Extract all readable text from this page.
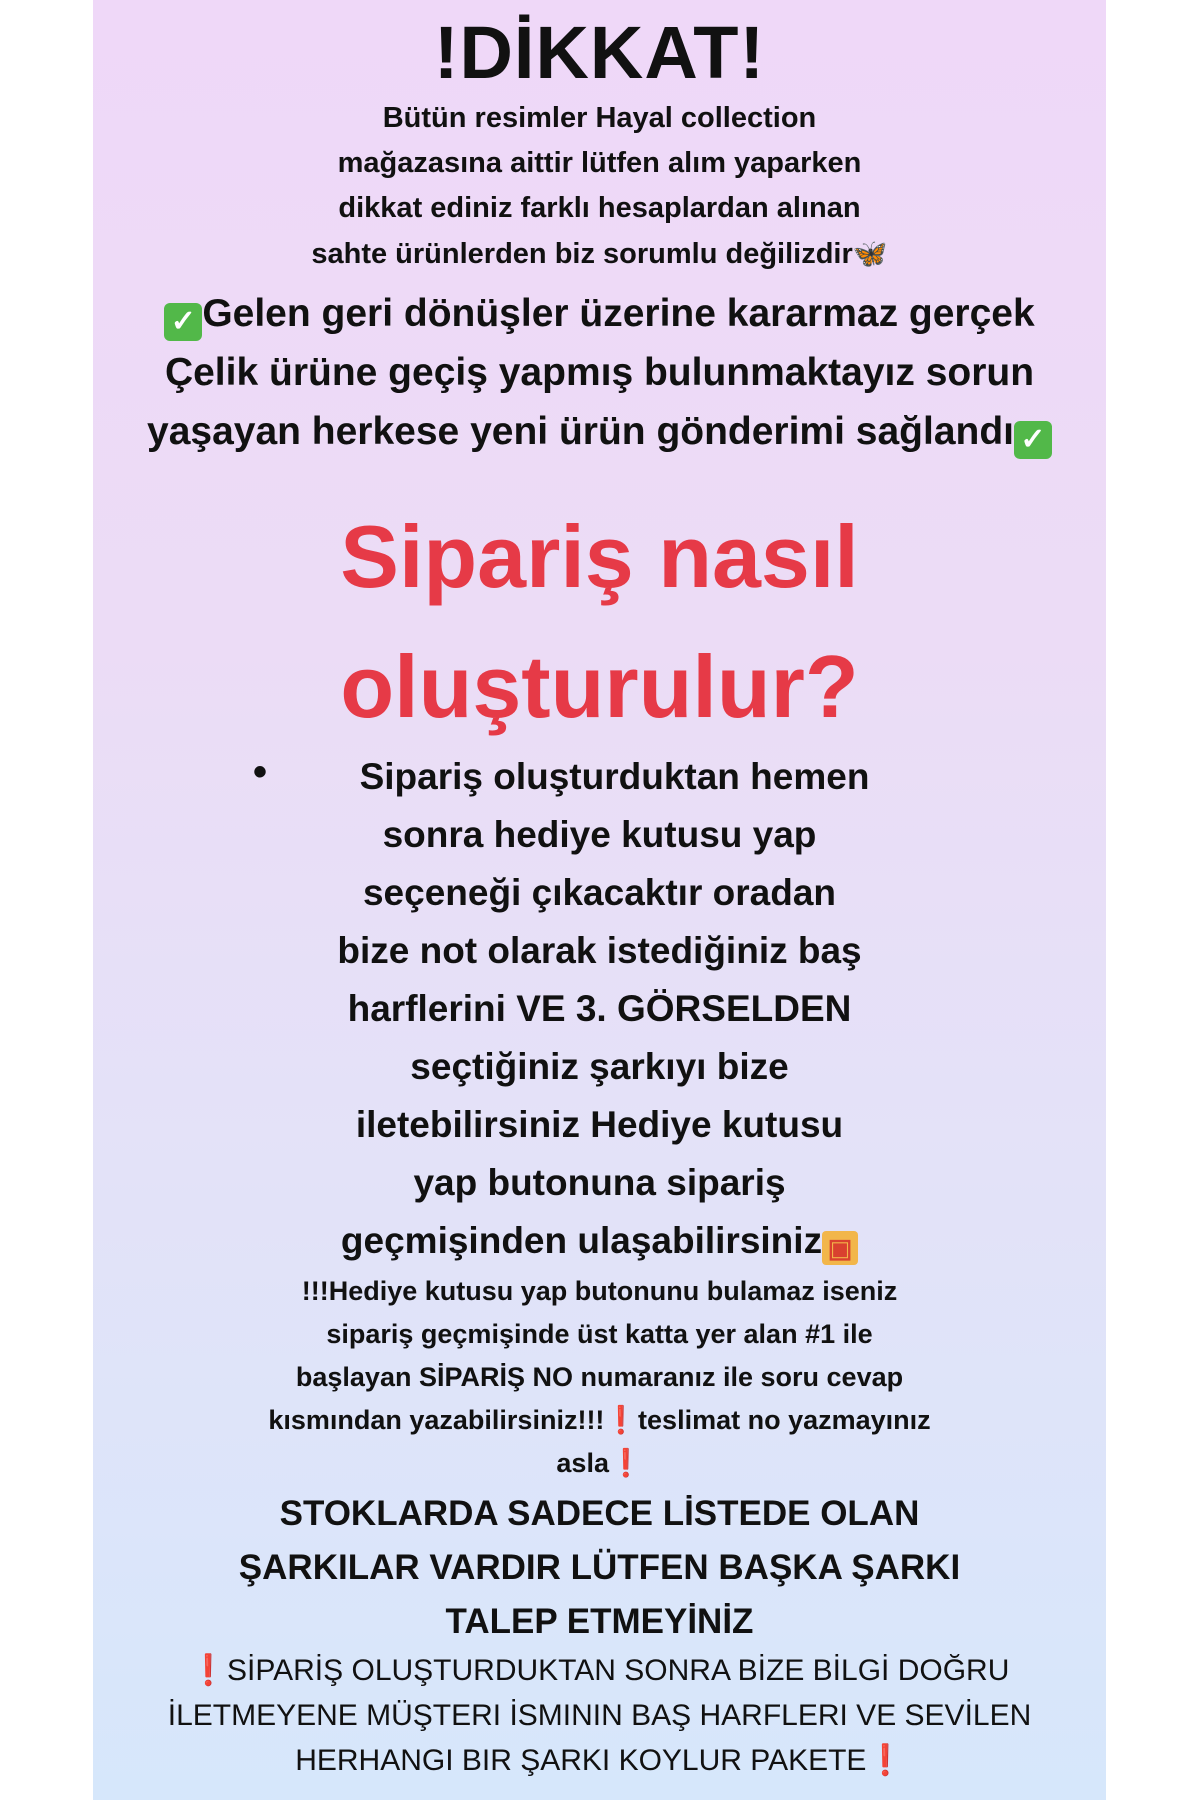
!DİKKAT!
Bütün resimler Hayal collection
mağazasına aittir lütfen alım yaparken
dikkat ediniz farklı hesaplardan alınan
sahte ürünlerden biz sorumlu değilizdir🦋
✓ Gelen geri dönüşler üzerine kararmaz gerçek
Çelik ürüne geçiş yapmış bulunmaktayız sorun
yaşayan herkese yeni ürün gönderimi sağlandı ✓
Sipariş nasıl
oluşturulur?
•	Sipariş oluşturduktan hemen
sonra hediye kutusu yap
seçeneği çıkacaktır oradan
bize not olarak istediğiniz baş
harflerini VE 3. GÖRSELDEN
seçtiğiniz şarkıyı bize
iletebilirsiniz Hediye kutusu
yap butonuna sipariş
geçmişinden ulaşabilirsiniz ▣
!!!Hediye kutusu yap butonunu bulamaz iseniz
sipariş geçmişinde üst katta yer alan #1 ile
başlayan SİPARİŞ NO numaranız ile soru cevap
kısmından yazabilirsiniz!!!❗teslimat no yazmayınız
asla❗
STOKLARDA SADECE LİSTEDE OLAN
ŞARKILAR VARDIR LÜTFEN BAŞKA ŞARKI
TALEP ETMEYİNİZ
❗SİPARİŞ OLUŞTURDUKTAN SONRA BİZE BİLGİ DOĞRU
İLETMEYENE MÜŞTERI İSMININ BAŞ HARFLERI VE SEVİLEN
HERHANGI BIR ŞARKI KOYLUR PAKETE❗
